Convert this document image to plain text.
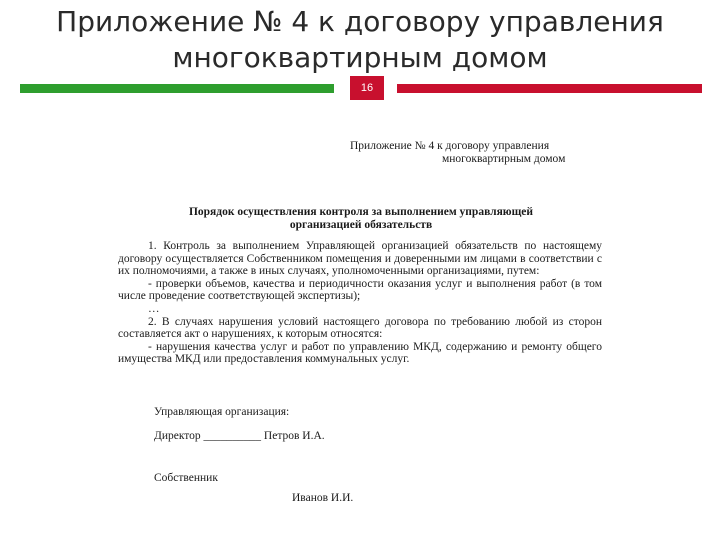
Приложение № 4 к договору управления
многоквартирным домом
16
Приложение № 4 к договору управления
многоквартирным домом
Порядок осуществления контроля за выполнением управляющей
организацией обязательств

1. Контроль за выполнением Управляющей организацией обязательств по настоящему договору осуществляется Собственником помещения и доверенными им лицами в соответствии с их полномочиями, а также в иных случаях, уполномоченными организациями, путем:

- проверки объемов, качества и периодичности оказания услуг и выполнения работ (в том числе проведение соответствующей экспертизы);

…

2. В случаях нарушения условий настоящего договора по требованию любой из сторон составляется акт о нарушениях, к которым относятся:

- нарушения качества услуг и работ по управлению МКД, содержанию и ремонту общего имущества МКД или предоставления коммунальных услуг.

Управляющая организация:
Директор __________ Петров И.А.
Собственник
Иванов И.И.
